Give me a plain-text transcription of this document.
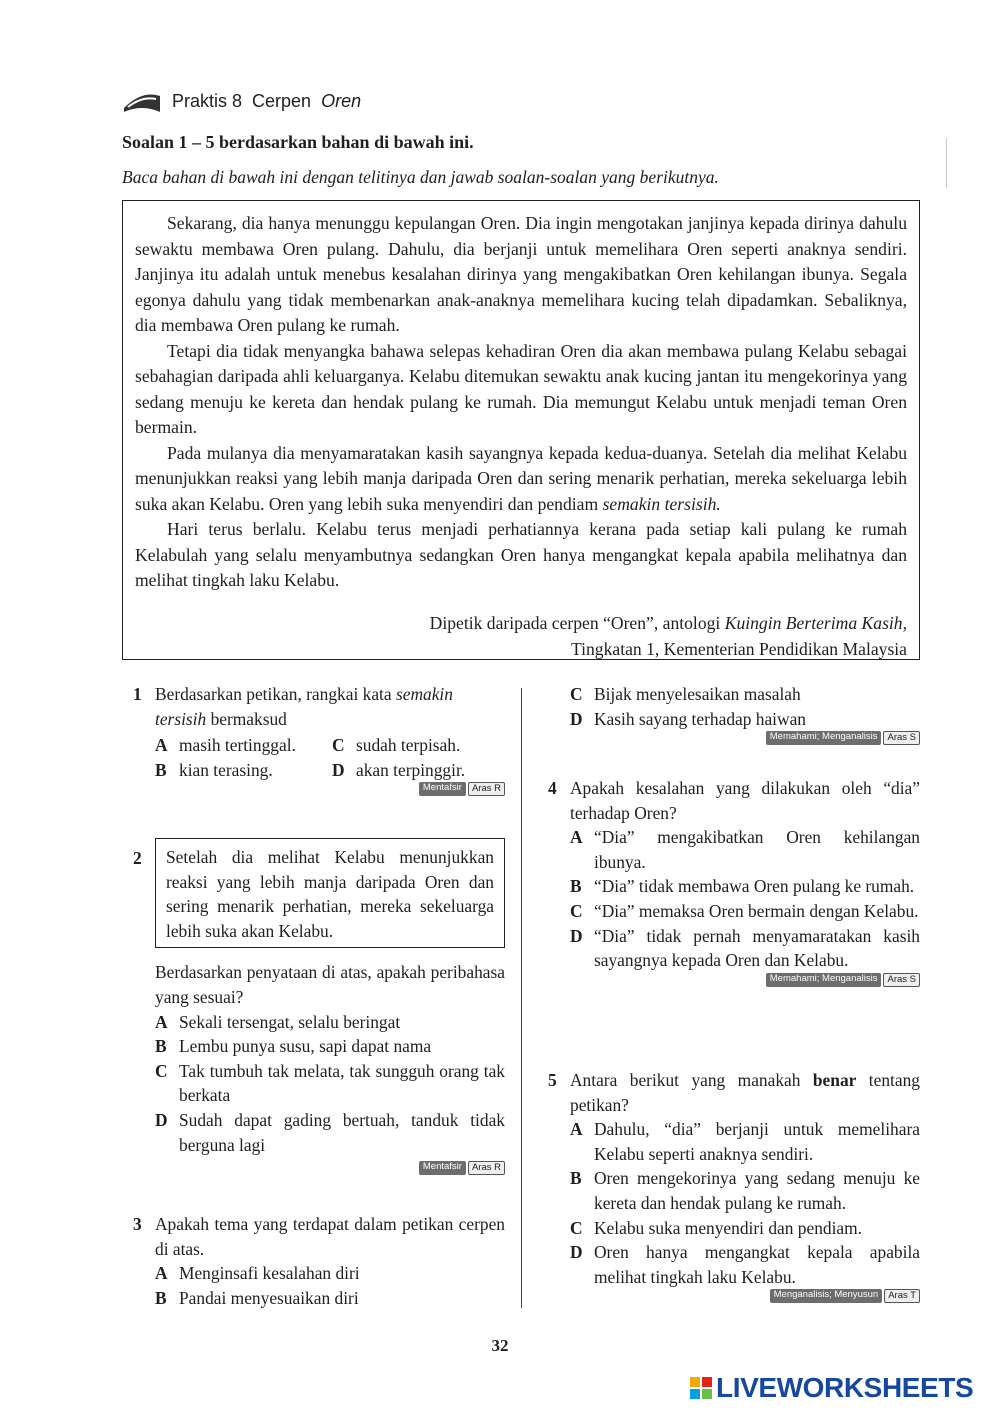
Praktis 8 Cerpen Oren
Soalan 1 – 5 berdasarkan bahan di bawah ini.
Baca bahan di bawah ini dengan telitinya dan jawab soalan-soalan yang berikutnya.

Sekarang, dia hanya menunggu kepulangan Oren. Dia ingin mengotakan janjinya kepada dirinya dahulu sewaktu membawa Oren pulang. Dahulu, dia berjanji untuk memelihara Oren seperti anaknya sendiri. Janjinya itu adalah untuk menebus kesalahan dirinya yang mengakibatkan Oren kehilangan ibunya. Segala egonya dahulu yang tidak membenarkan anak-anaknya memelihara kucing telah dipadamkan. Sebaliknya, dia membawa Oren pulang ke rumah.

Tetapi dia tidak menyangka bahawa selepas kehadiran Oren dia akan membawa pulang Kelabu sebagai sebahagian daripada ahli keluarganya. Kelabu ditemukan sewaktu anak kucing jantan itu mengekorinya yang sedang menuju ke kereta dan hendak pulang ke rumah. Dia memungut Kelabu untuk menjadi teman Oren bermain.

Pada mulanya dia menyamaratakan kasih sayangnya kepada kedua-duanya. Setelah dia melihat Kelabu menunjukkan reaksi yang lebih manja daripada Oren dan sering menarik perhatian, mereka sekeluarga lebih suka akan Kelabu. Oren yang lebih suka menyendiri dan pendiam semakin tersisih.

Hari terus berlalu. Kelabu terus menjadi perhatiannya kerana pada setiap kali pulang ke rumah Kelabulah yang selalu menyambutnya sedangkan Oren hanya mengangkat kepala apabila melihatnya dan melihat tingkah laku Kelabu.

Dipetik daripada cerpen “Oren”, antologi Kuingin Berterima Kasih,
Tingkatan 1, Kementerian Pendidikan Malaysia
1 Berdasarkan petikan, rangkai kata semakin tersisih bermaksud
A masih tertinggal.
B kian terasing.
C sudah terpisah.
D akan terpinggir.
Mentafsir	Aras R
2	Setelah dia melihat Kelabu menunjukkan reaksi yang lebih manja daripada Oren dan sering menarik perhatian, mereka sekeluarga lebih suka akan Kelabu.
Berdasarkan penyataan di atas, apakah peribahasa yang sesuai?
A Sekali tersengat, selalu beringat
B Lembu punya susu, sapi dapat nama
C Tak tumbuh tak melata, tak sungguh orang tak berkata
D Sudah dapat gading bertuah, tanduk tidak berguna lagi
Mentafsir	Aras R
3 Apakah tema yang terdapat dalam petikan cerpen di atas.
A Menginsafi kesalahan diri
B Pandai menyesuaikan diri
C Bijak menyelesaikan masalah
D Kasih sayang terhadap haiwan
Memahami; Menganalisis	Aras S
4 Apakah kesalahan yang dilakukan oleh “dia” terhadap Oren?
A “Dia” mengakibatkan Oren kehilangan ibunya.
B “Dia” tidak membawa Oren pulang ke rumah.
C “Dia” memaksa Oren bermain dengan Kelabu.
D “Dia” tidak pernah menyamaratakan kasih sayangnya kepada Oren dan Kelabu.
Memahami; Menganalisis	Aras S
5 Antara berikut yang manakah benar tentang petikan?
A Dahulu, “dia” berjanji untuk memelihara Kelabu seperti anaknya sendiri.
B Oren mengekorinya yang sedang menuju ke kereta dan hendak pulang ke rumah.
C Kelabu suka menyendiri dan pendiam.
D Oren hanya mengangkat kepala apabila melihat tingkah laku Kelabu.
Menganalisis; Menyusun	Aras T
32
LIVEWORKSHEETS
